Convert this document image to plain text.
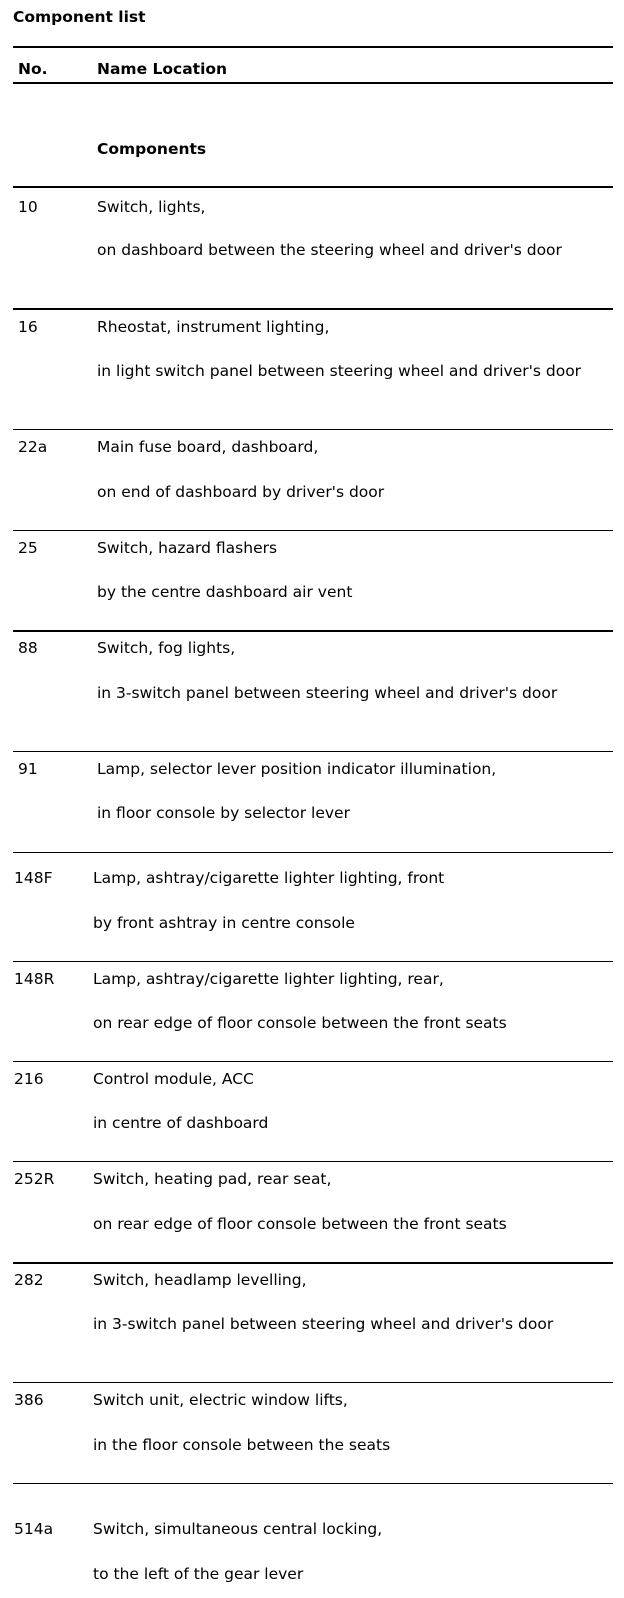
Component list
No.	Name Location
Components
10	Switch, lights,
on dashboard between the steering wheel and driver's door
16	Rheostat, instrument lighting,
in light switch panel between steering wheel and driver's door
22a	Main fuse board, dashboard,
on end of dashboard by driver's door
25	Switch, hazard flashers
by the centre dashboard air vent
88	Switch, fog lights,
in 3-switch panel between steering wheel and driver's door
91	Lamp, selector lever position indicator illumination,
in floor console by selector lever
148F	Lamp, ashtray/cigarette lighter lighting, front
by front ashtray in centre console
148R Lamp, ashtray/cigarette lighter lighting, rear,
on rear edge of floor console between the front seats
216	Control module, ACC
in centre of dashboard
252R Switch, heating pad, rear seat,
on rear edge of floor console between the front seats
282	Switch, headlamp levelling,
in 3-switch panel between steering wheel and driver's door
386	Switch unit, electric window lifts,
in the floor console between the seats
514a	Switch, simultaneous central locking,
to the left of the gear lever
